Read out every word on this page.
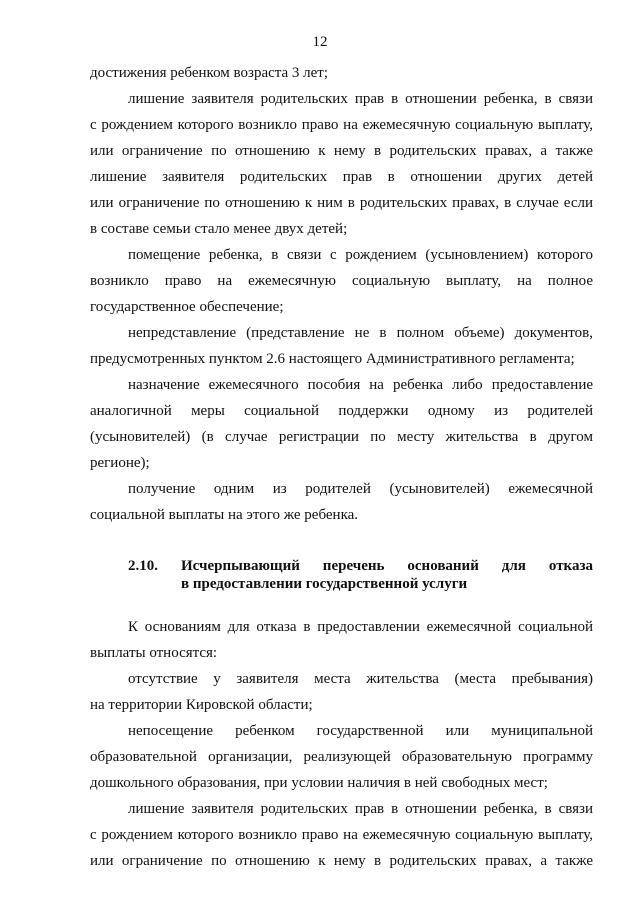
12
достижения ребенком возраста 3 лет;
лишение заявителя родительских прав в отношении ребенка, в связи
с рождением которого возникло право на ежемесячную социальную выплату,
или ограничение по отношению к нему в родительских правах, а также
лишение заявителя родительских прав в отношении других детей
или ограничение по отношению к ним в родительских правах, в случае если
в составе семьи стало менее двух детей;
помещение ребенка, в связи с рождением (усыновлением) которого
возникло право на ежемесячную социальную выплату, на полное
государственное обеспечение;
непредставление (представление не в полном объеме) документов,
предусмотренных пунктом 2.6 настоящего Административного регламента;
назначение ежемесячного пособия на ребенка либо предоставление
аналогичной меры социальной поддержки одному из родителей
(усыновителей) (в случае регистрации по месту жительства в другом
регионе);
получение одним из родителей (усыновителей) ежемесячной
социальной выплаты на этого же ребенка.
2.10. Исчерпывающий перечень оснований для отказа
в предоставлении государственной услуги
К основаниям для отказа в предоставлении ежемесячной социальной
выплаты относятся:
отсутствие у заявителя места жительства (места пребывания)
на территории Кировской области;
непосещение ребенком государственной или муниципальной
образовательной организации, реализующей образовательную программу
дошкольного образования, при условии наличия в ней свободных мест;
лишение заявителя родительских прав в отношении ребенка, в связи
с рождением которого возникло право на ежемесячную социальную выплату,
или ограничение по отношению к нему в родительских правах, а также
